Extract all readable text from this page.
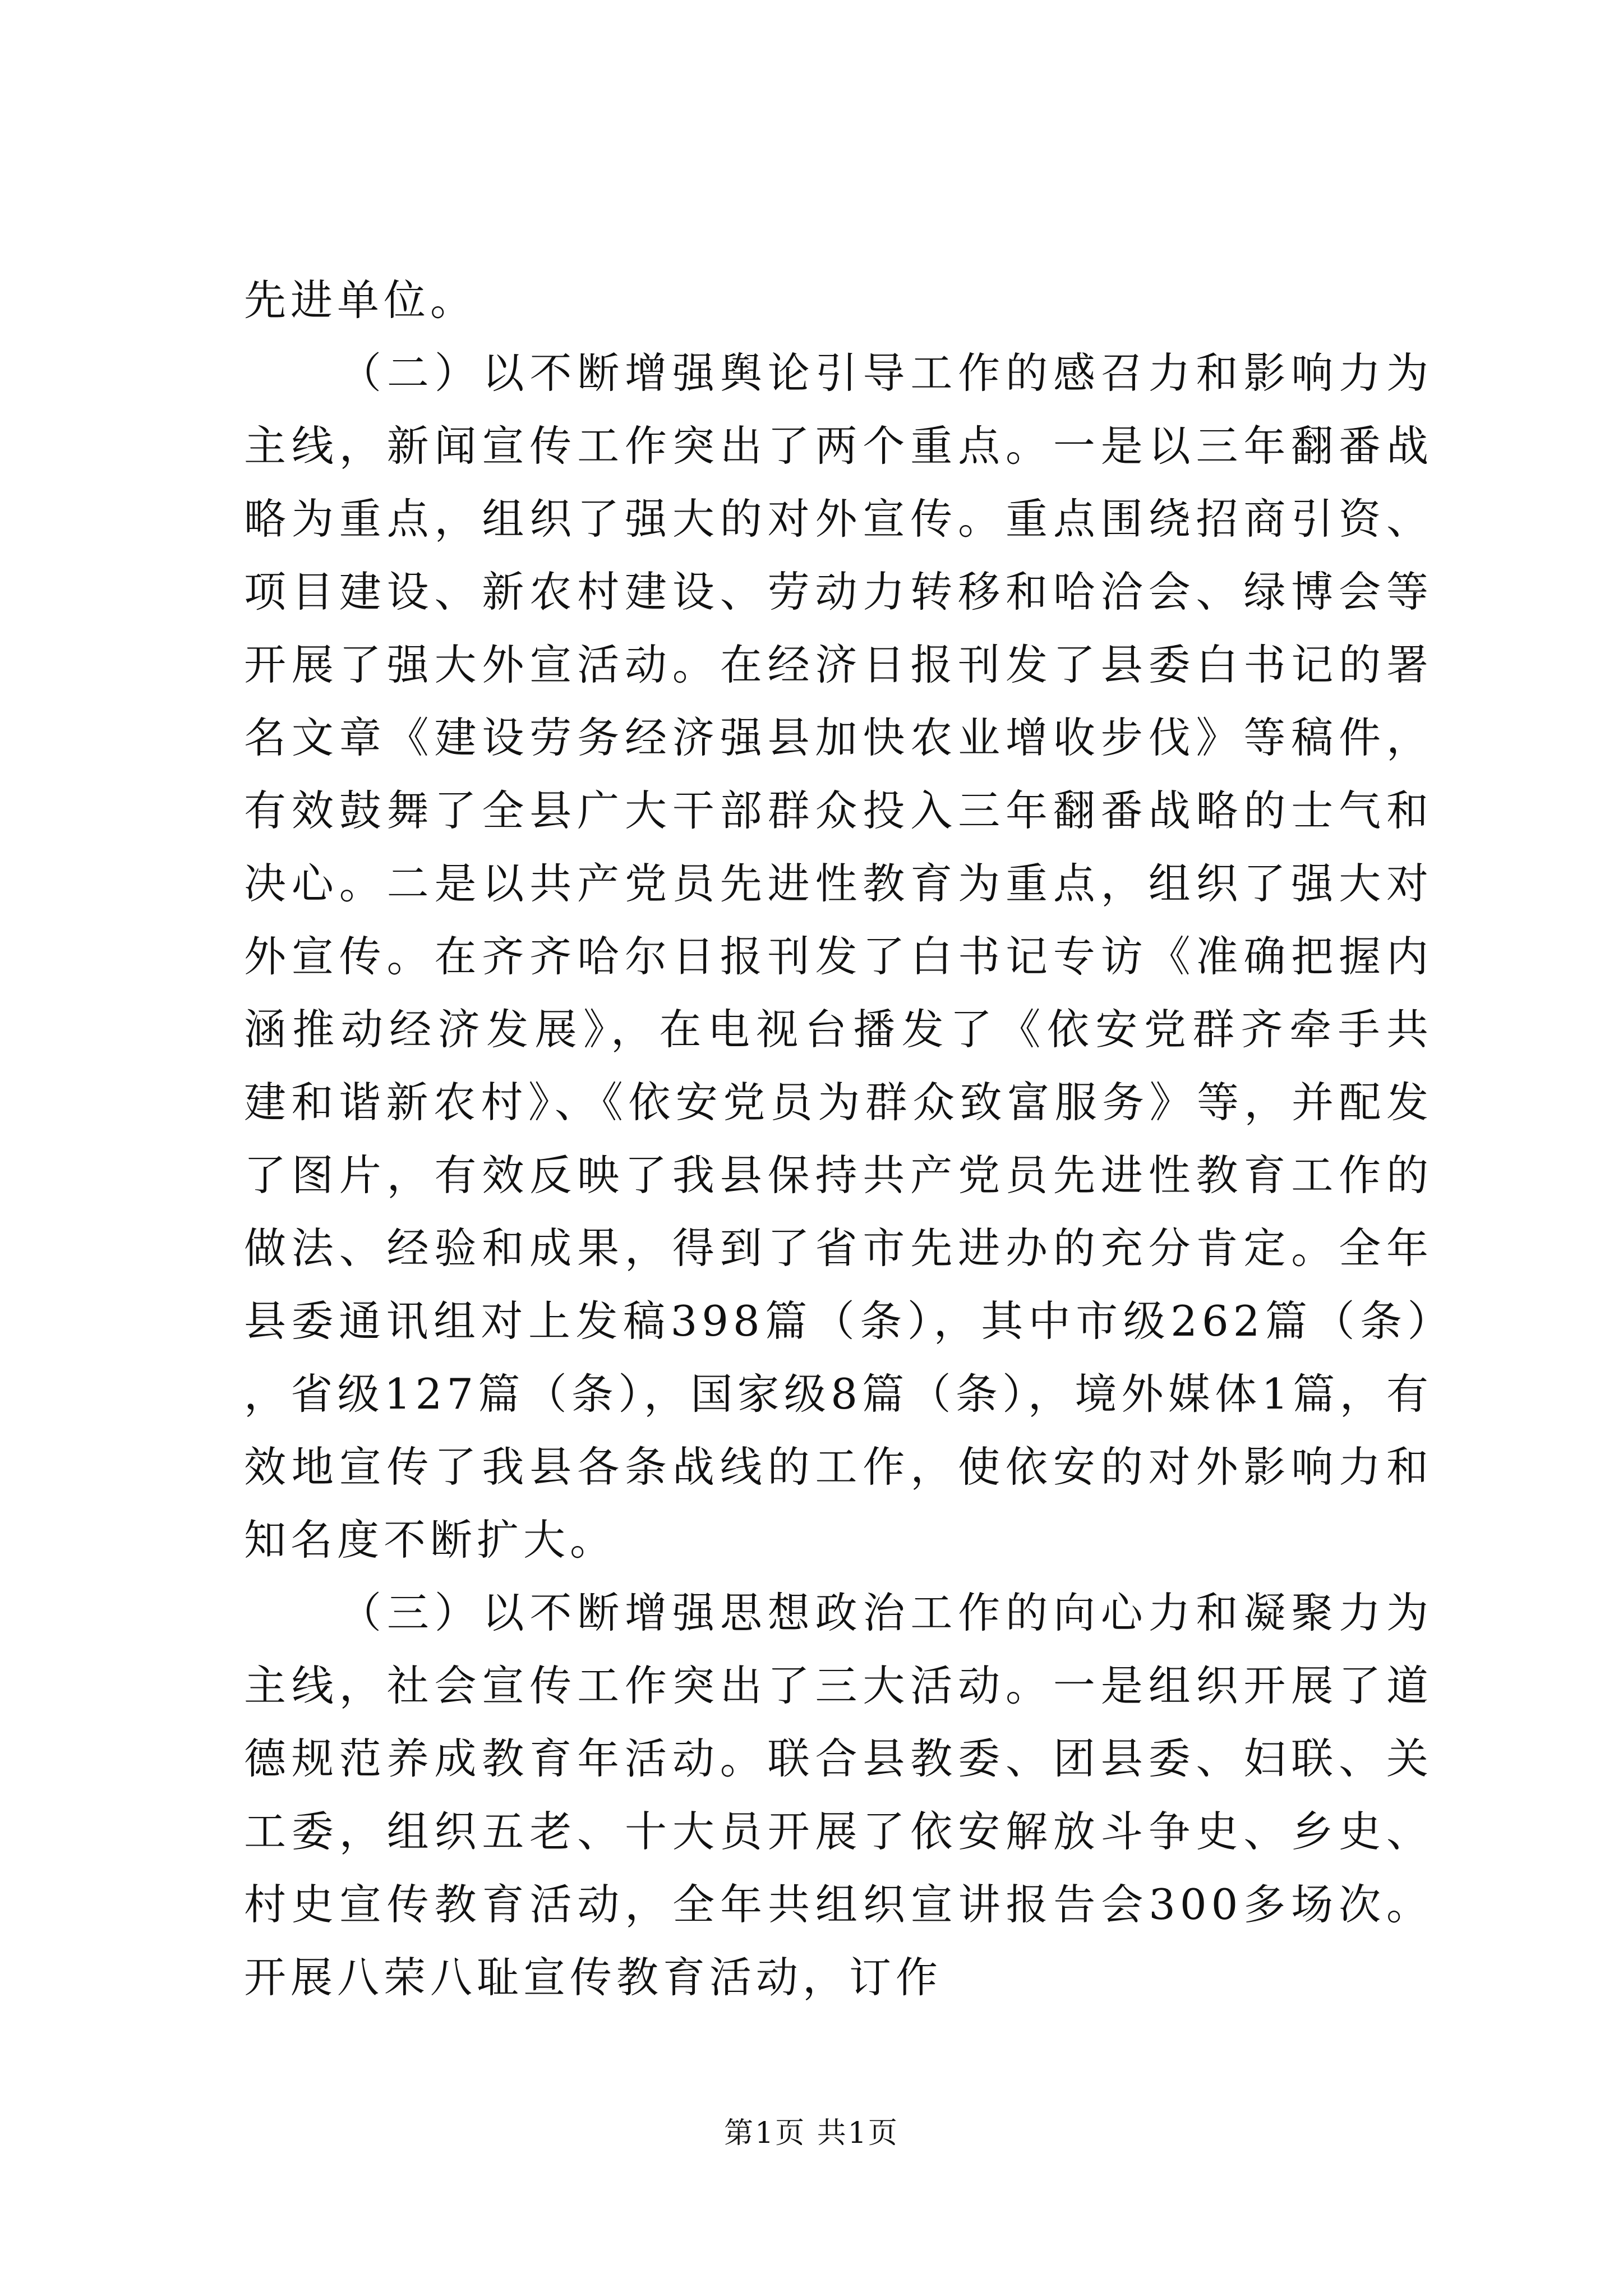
先进单位。

（二）以不断增强舆论引导工作的感召力和影响力为主线，新闻宣传工作突出了两个重点。一是以三年翻番战略为重点，组织了强大的对外宣传。重点围绕招商引资、项目建设、新农村建设、劳动力转移和哈洽会、绿博会等开展了强大外宣活动。在经济日报刊发了县委白书记的署名文章《建设劳务经济强县加快农业增收步伐》等稿件，有效鼓舞了全县广大干部群众投入三年翻番战略的士气和决心。二是以共产党员先进性教育为重点，组织了强大对外宣传。在齐齐哈尔日报刊发了白书记专访《准确把握内涵推动经济发展》，在电视台播发了《依安党群齐牵手共建和谐新农村》、《依安党员为群众致富服务》等，并配发了图片，有效反映了我县保持共产党员先进性教育工作的做法、经验和成果，得到了省市先进办的充分肯定。全年县委通讯组对上发稿398篇（条），其中市级262篇（条），省级127篇（条），国家级8篇（条），境外媒体1篇，有效地宣传了我县各条战线的工作，使依安的对外影响力和知名度不断扩大。

（三）以不断增强思想政治工作的向心力和凝聚力为主线，社会宣传工作突出了三大活动。一是组织开展了道德规范养成教育年活动。联合县教委、团县委、妇联、关工委，组织五老、十大员开展了依安解放斗争史、乡史、村史宣传教育活动，全年共组织宣讲报告会300多场次。开展八荣八耻宣传教育活动，订作

第1页 共1页
